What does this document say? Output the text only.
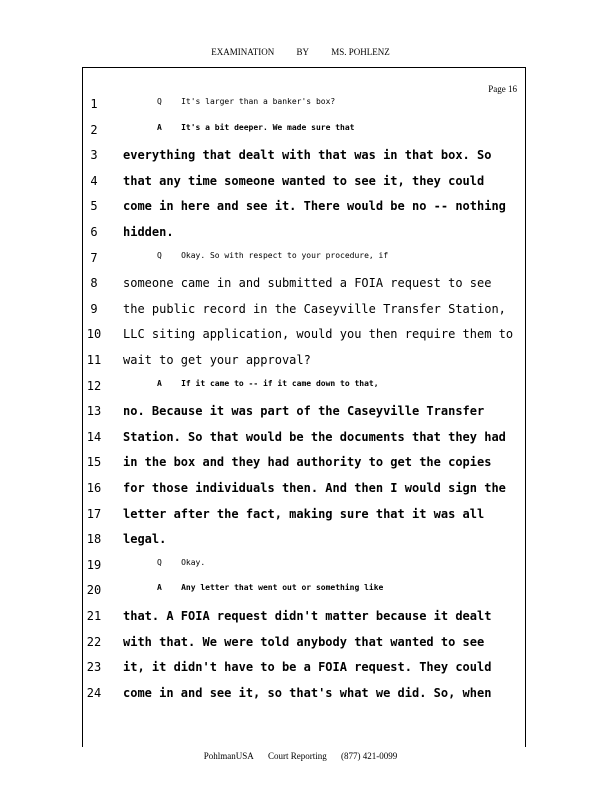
EXAMINATION BY MS. POHLENZ
Page 16
1	Q    It's larger than a banker's box?
2	A    It's a bit deeper. We made sure that
3	everything that dealt with that was in that box. So
4	that any time someone wanted to see it, they could
5	come in here and see it. There would be no -- nothing
6	hidden.
7	Q    Okay. So with respect to your procedure, if
8	someone came in and submitted a FOIA request to see
9	the public record in the Caseyville Transfer Station,
10 LLC siting application, would you then require them to
11 wait to get your approval?
12	A    If it came to -- if it came down to that,
13 no. Because it was part of the Caseyville Transfer
14 Station. So that would be the documents that they had
15 in the box and they had authority to get the copies
16 for those individuals then. And then I would sign the
17 letter after the fact, making sure that it was all
18 legal.
19	Q    Okay.
20	A    Any letter that went out or something like
21 that. A FOIA request didn't matter because it dealt
22 with that. We were told anybody that wanted to see
23 it, it didn't have to be a FOIA request. They could
24 come in and see it, so that's what we did. So, when
PohlmanUSA Court Reporting (877) 421-0099
